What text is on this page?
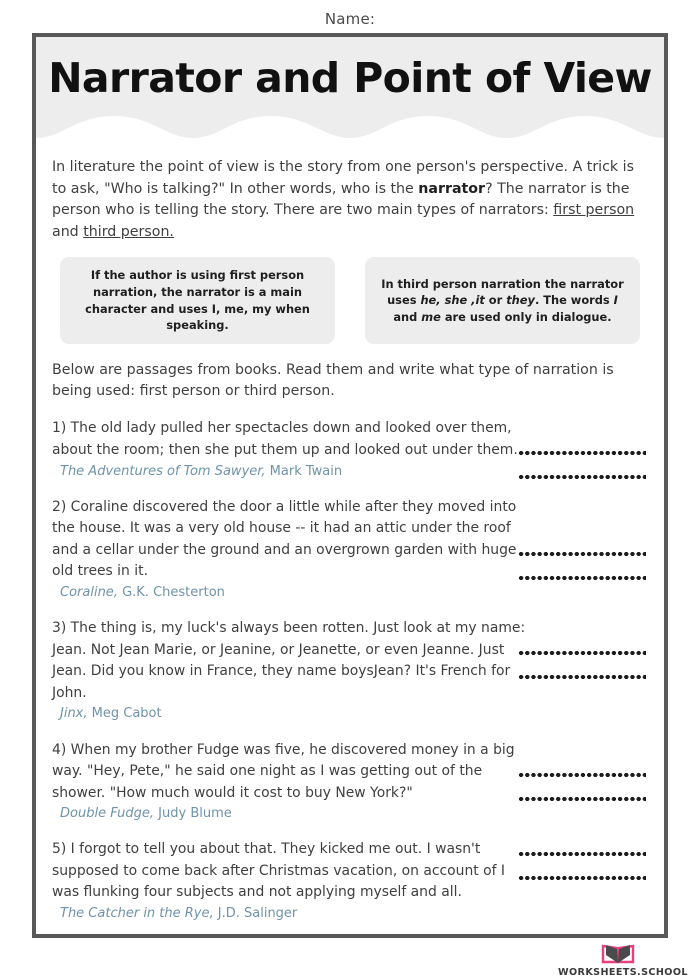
Name:
Narrator and Point of View

In literature the point of view is the story from one person's perspective. A trick is to ask, "Who is talking?" In other words, who is the narrator? The narrator is the person who is telling the story. There are two main types of narrators: first person and third person.

If the author is using first person narration, the narrator is a main character and uses I, me, my when speaking.
In third person narration the narrator uses he, she ,it or they. The words I and me are used only in dialogue.

Below are passages from books. Read them and write what type of narration is being used: first person or third person.

1) The old lady pulled her spectacles down and looked over them, about the room; then she put them up and looked out under them.
The Adventures of Tom Sawyer, Mark Twain
2) Coraline discovered the door a little while after they moved into the house. It was a very old house -- it had an attic under the roof and a cellar under the ground and an overgrown garden with huge old trees in it.
Coraline, G.K. Chesterton
3) The thing is, my luck's always been rotten. Just look at my name: Jean. Not Jean Marie, or Jeanine, or Jeanette, or even Jeanne. Just Jean. Did you know in France, they name boysJean? It's French for John.
Jinx, Meg Cabot
4) When my brother Fudge was five, he discovered money in a big way. "Hey, Pete," he said one night as I was getting out of the shower. "How much would it cost to buy New York?"
Double Fudge, Judy Blume
5) I forgot to tell you about that. They kicked me out. I wasn't supposed to come back after Christmas vacation, on account of I was flunking four subjects and not applying myself and all.
The Catcher in the Rye, J.D. Salinger
WORKSHEETS.SCHOOL
